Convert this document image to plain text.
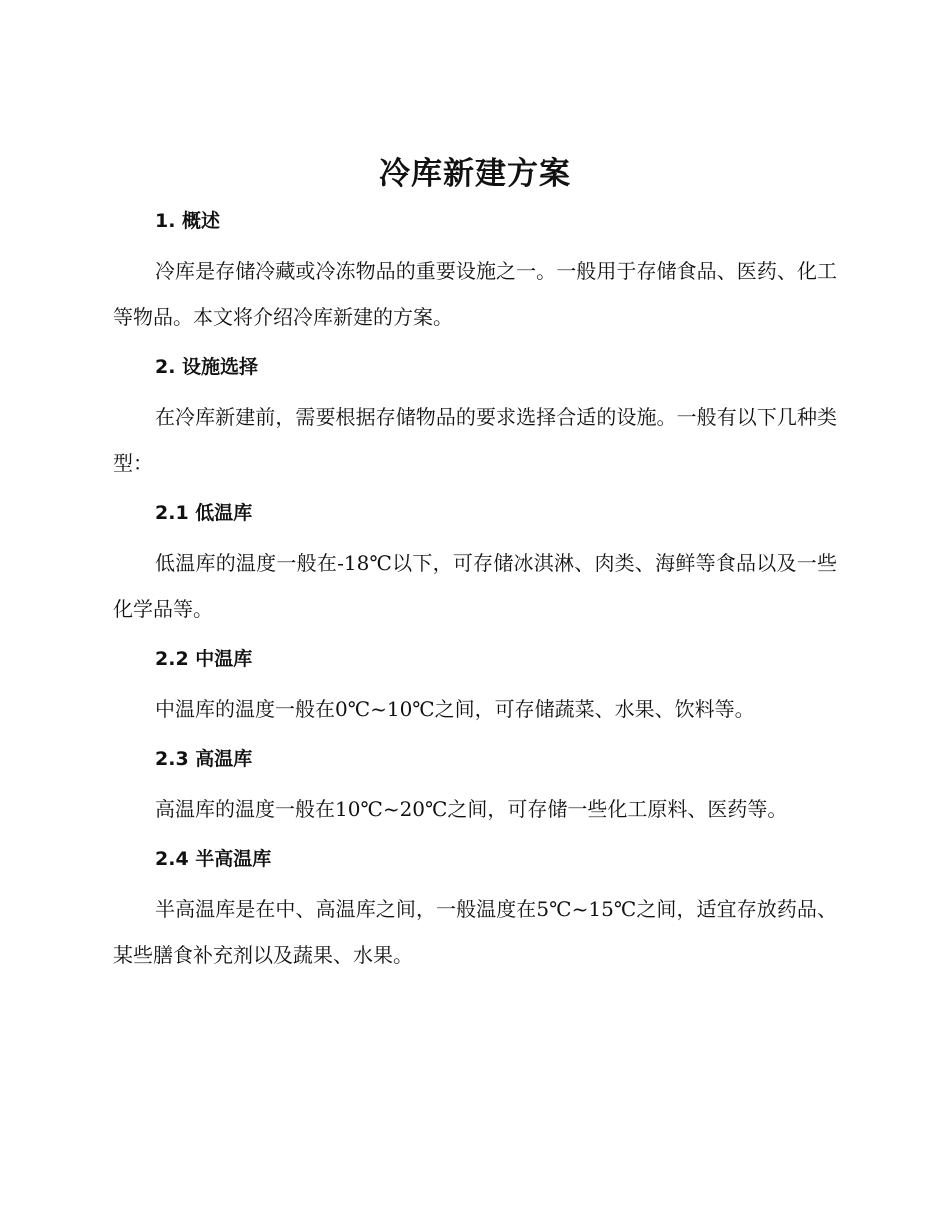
冷库新建方案
1. 概述

冷库是存储冷藏或冷冻物品的重要设施之一。一般用于存储食品、医药、化工等物品。本文将介绍冷库新建的方案。

2. 设施选择

在冷库新建前，需要根据存储物品的要求选择合适的设施。一般有以下几种类型：

2.1 低温库

低温库的温度一般在-18℃以下，可存储冰淇淋、肉类、海鲜等食品以及一些化学品等。

2.2 中温库

中温库的温度一般在0℃~10℃之间，可存储蔬菜、水果、饮料等。

2.3 高温库

高温库的温度一般在10℃~20℃之间，可存储一些化工原料、医药等。

2.4 半高温库

半高温库是在中、高温库之间，一般温度在5℃~15℃之间，适宜存放药品、某些膳食补充剂以及蔬果、水果。
